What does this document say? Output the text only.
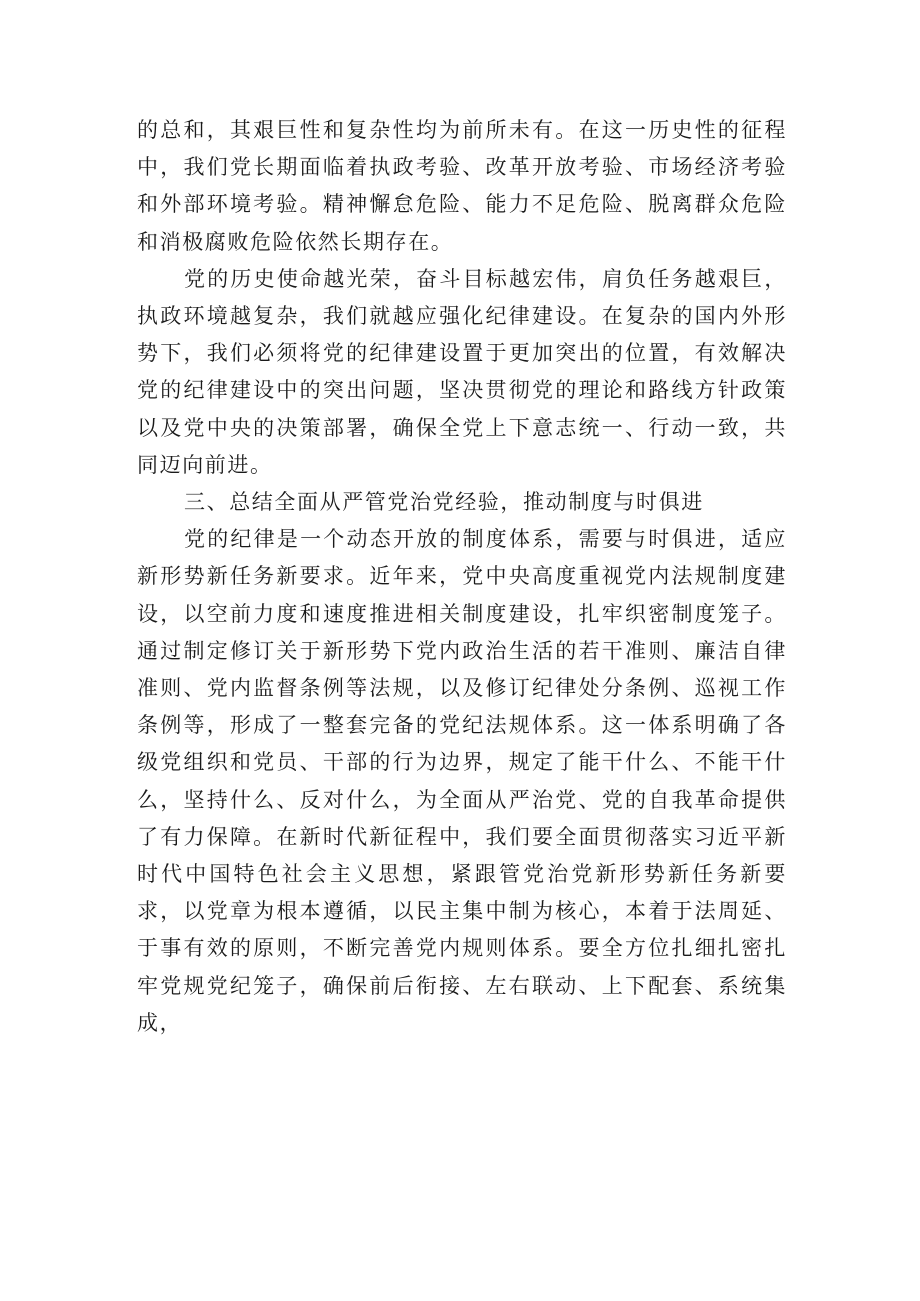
的总和，其艰巨性和复杂性均为前所未有。在这一历史性的征程中，我们党长期面临着执政考验、改革开放考验、市场经济考验和外部环境考验。精神懈怠危险、能力不足危险、脱离群众危险和消极腐败危险依然长期存在。

党的历史使命越光荣，奋斗目标越宏伟，肩负任务越艰巨，执政环境越复杂，我们就越应强化纪律建设。在复杂的国内外形势下，我们必须将党的纪律建设置于更加突出的位置，有效解决党的纪律建设中的突出问题，坚决贯彻党的理论和路线方针政策以及党中央的决策部署，确保全党上下意志统一、行动一致，共同迈向前进。

三、总结全面从严管党治党经验，推动制度与时俱进

党的纪律是一个动态开放的制度体系，需要与时俱进，适应新形势新任务新要求。近年来，党中央高度重视党内法规制度建设，以空前力度和速度推进相关制度建设，扎牢织密制度笼子。通过制定修订关于新形势下党内政治生活的若干准则、廉洁自律准则、党内监督条例等法规，以及修订纪律处分条例、巡视工作条例等，形成了一整套完备的党纪法规体系。这一体系明确了各级党组织和党员、干部的行为边界，规定了能干什么、不能干什么，坚持什么、反对什么，为全面从严治党、党的自我革命提供了有力保障。在新时代新征程中，我们要全面贯彻落实习近平新时代中国特色社会主义思想，紧跟管党治党新形势新任务新要求，以党章为根本遵循，以民主集中制为核心，本着于法周延、于事有效的原则，不断完善党内规则体系。要全方位扎细扎密扎牢党规党纪笼子，确保前后衔接、左右联动、上下配套、系统集成，
